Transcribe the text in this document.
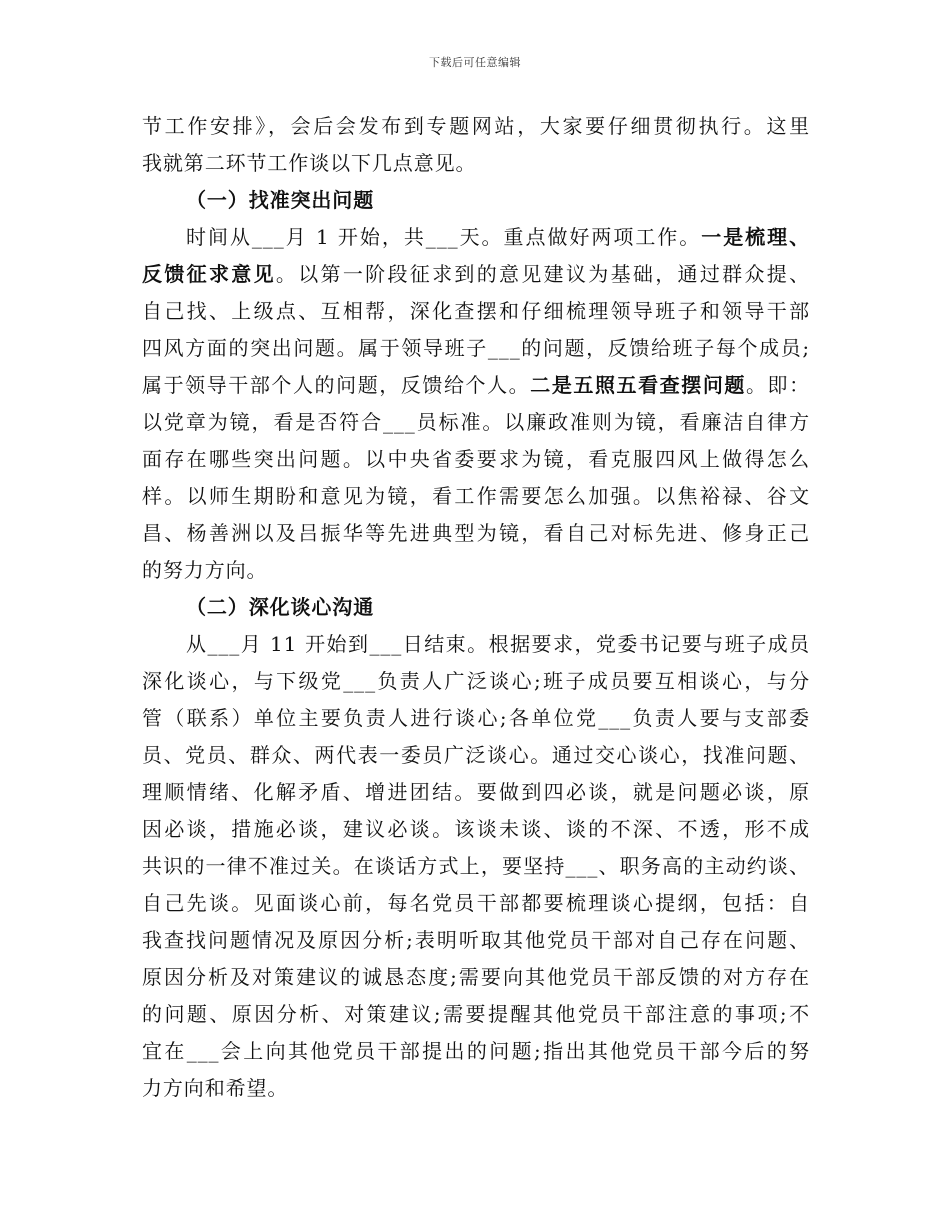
下载后可任意编辑
节工作安排》，会后会发布到专题网站，大家要仔细贯彻执行。这里
我就第二环节工作谈以下几点意见。
（一）找准突出问题
时间从___月 1 开始，共___天。重点做好两项工作。一是梳理、
反馈征求意见。以第一阶段征求到的意见建议为基础，通过群众提、
自己找、上级点、互相帮，深化查摆和仔细梳理领导班子和领导干部
四风方面的突出问题。属于领导班子___的问题，反馈给班子每个成员;
属于领导干部个人的问题，反馈给个人。二是五照五看查摆问题。即：
以党章为镜，看是否符合___员标准。以廉政准则为镜，看廉洁自律方
面存在哪些突出问题。以中央省委要求为镜，看克服四风上做得怎么
样。以师生期盼和意见为镜，看工作需要怎么加强。以焦裕禄、谷文
昌、杨善洲以及吕振华等先进典型为镜，看自己对标先进、修身正己
的努力方向。
（二）深化谈心沟通
从___月 11 开始到___日结束。根据要求，党委书记要与班子成员
深化谈心，与下级党___负责人广泛谈心;班子成员要互相谈心，与分
管（联系）单位主要负责人进行谈心;各单位党___负责人要与支部委
员、党员、群众、两代表一委员广泛谈心。通过交心谈心，找准问题、
理顺情绪、化解矛盾、增进团结。要做到四必谈，就是问题必谈，原
因必谈，措施必谈，建议必谈。该谈未谈、谈的不深、不透，形不成
共识的一律不准过关。在谈话方式上，要坚持___、职务高的主动约谈、
自己先谈。见面谈心前，每名党员干部都要梳理谈心提纲，包括：自
我查找问题情况及原因分析;表明听取其他党员干部对自己存在问题、
原因分析及对策建议的诚恳态度;需要向其他党员干部反馈的对方存在
的问题、原因分析、对策建议;需要提醒其他党员干部注意的事项;不
宜在___会上向其他党员干部提出的问题;指出其他党员干部今后的努
力方向和希望。
